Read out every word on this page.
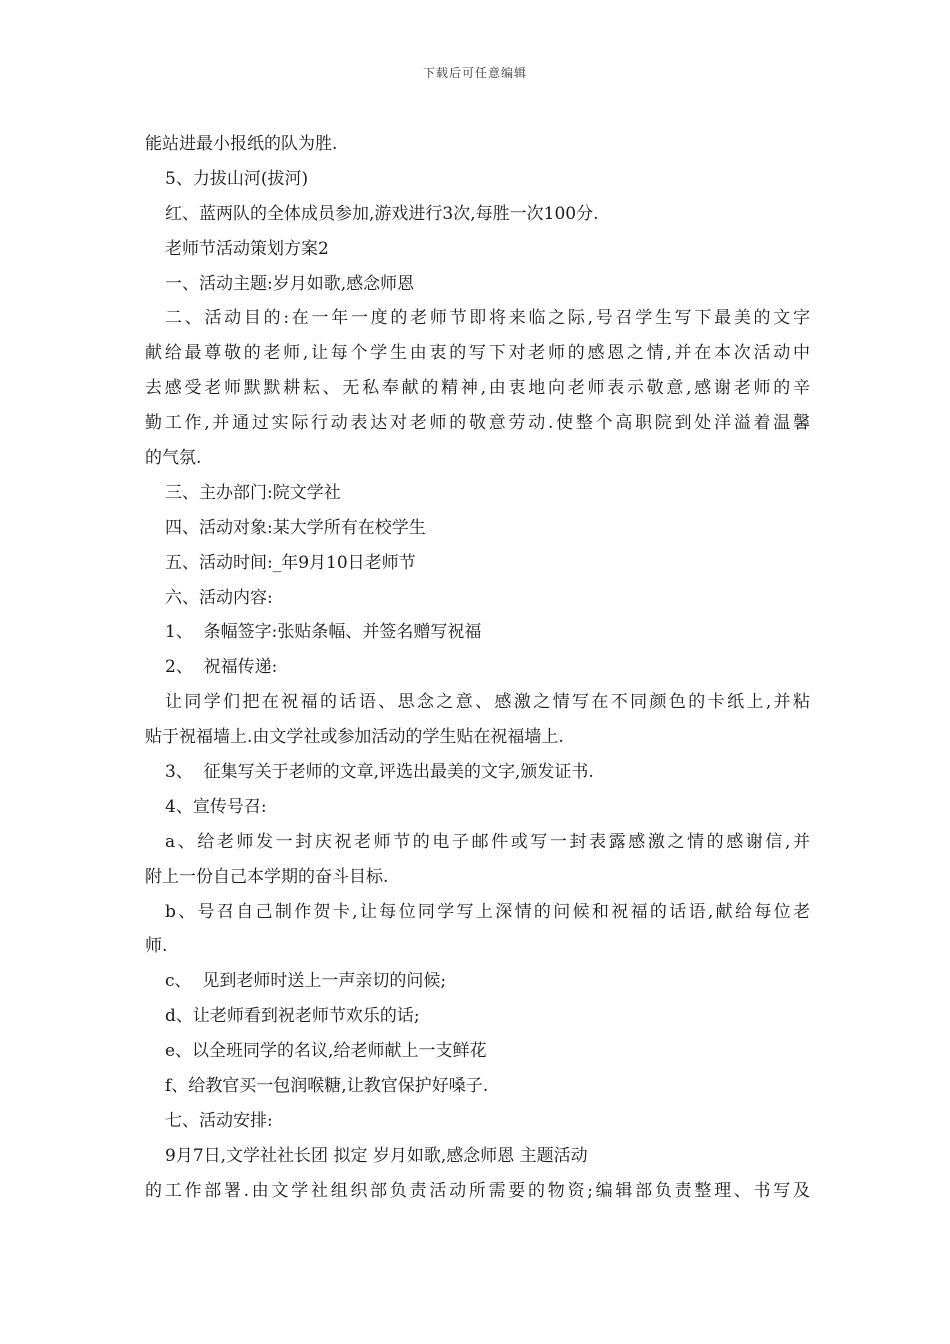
下载后可任意编辑
能站进最小报纸的队为胜.
5、力拔山河(拔河)
红、蓝两队的全体成员参加,游戏进行3次,每胜一次100分.
老师节活动策划方案2
一、活动主题:岁月如歌,感念师恩
二、活动目的:在一年一度的老师节即将来临之际,号召学生写下最美的文字
献给最尊敬的老师,让每个学生由衷的写下对老师的感恩之情,并在本次活动中
去感受老师默默耕耘、无私奉献的精神,由衷地向老师表示敬意,感谢老师的辛
勤工作,并通过实际行动表达对老师的敬意劳动.使整个高职院到处洋溢着温馨
的气氛.
三、主办部门:院文学社
四、活动对象:某大学所有在校学生
五、活动时间:_年9月10日老师节
六、活动内容:
1、  条幅签字:张贴条幅、并签名赠写祝福
2、  祝福传递:
让同学们把在祝福的话语、思念之意、感激之情写在不同颜色的卡纸上,并粘
贴于祝福墙上.由文学社或参加活动的学生贴在祝福墙上.
3、  征集写关于老师的文章,评选出最美的文字,颁发证书.
4、宣传号召:
a、给老师发一封庆祝老师节的电子邮件或写一封表露感激之情的感谢信,并
附上一份自己本学期的奋斗目标.
b、号召自己制作贺卡,让每位同学写上深情的问候和祝福的话语,献给每位老
师.
c、  见到老师时送上一声亲切的问候;
d、让老师看到祝老师节欢乐的话;
e、以全班同学的名议,给老师献上一支鲜花
f、给教官买一包润喉糖,让教官保护好嗓子.
七、活动安排:
9月7日,文学社社长团 拟定 岁月如歌,感念师恩 主题活动
的工作部署.由文学社组织部负责活动所需要的物资;编辑部负责整理、书写及
